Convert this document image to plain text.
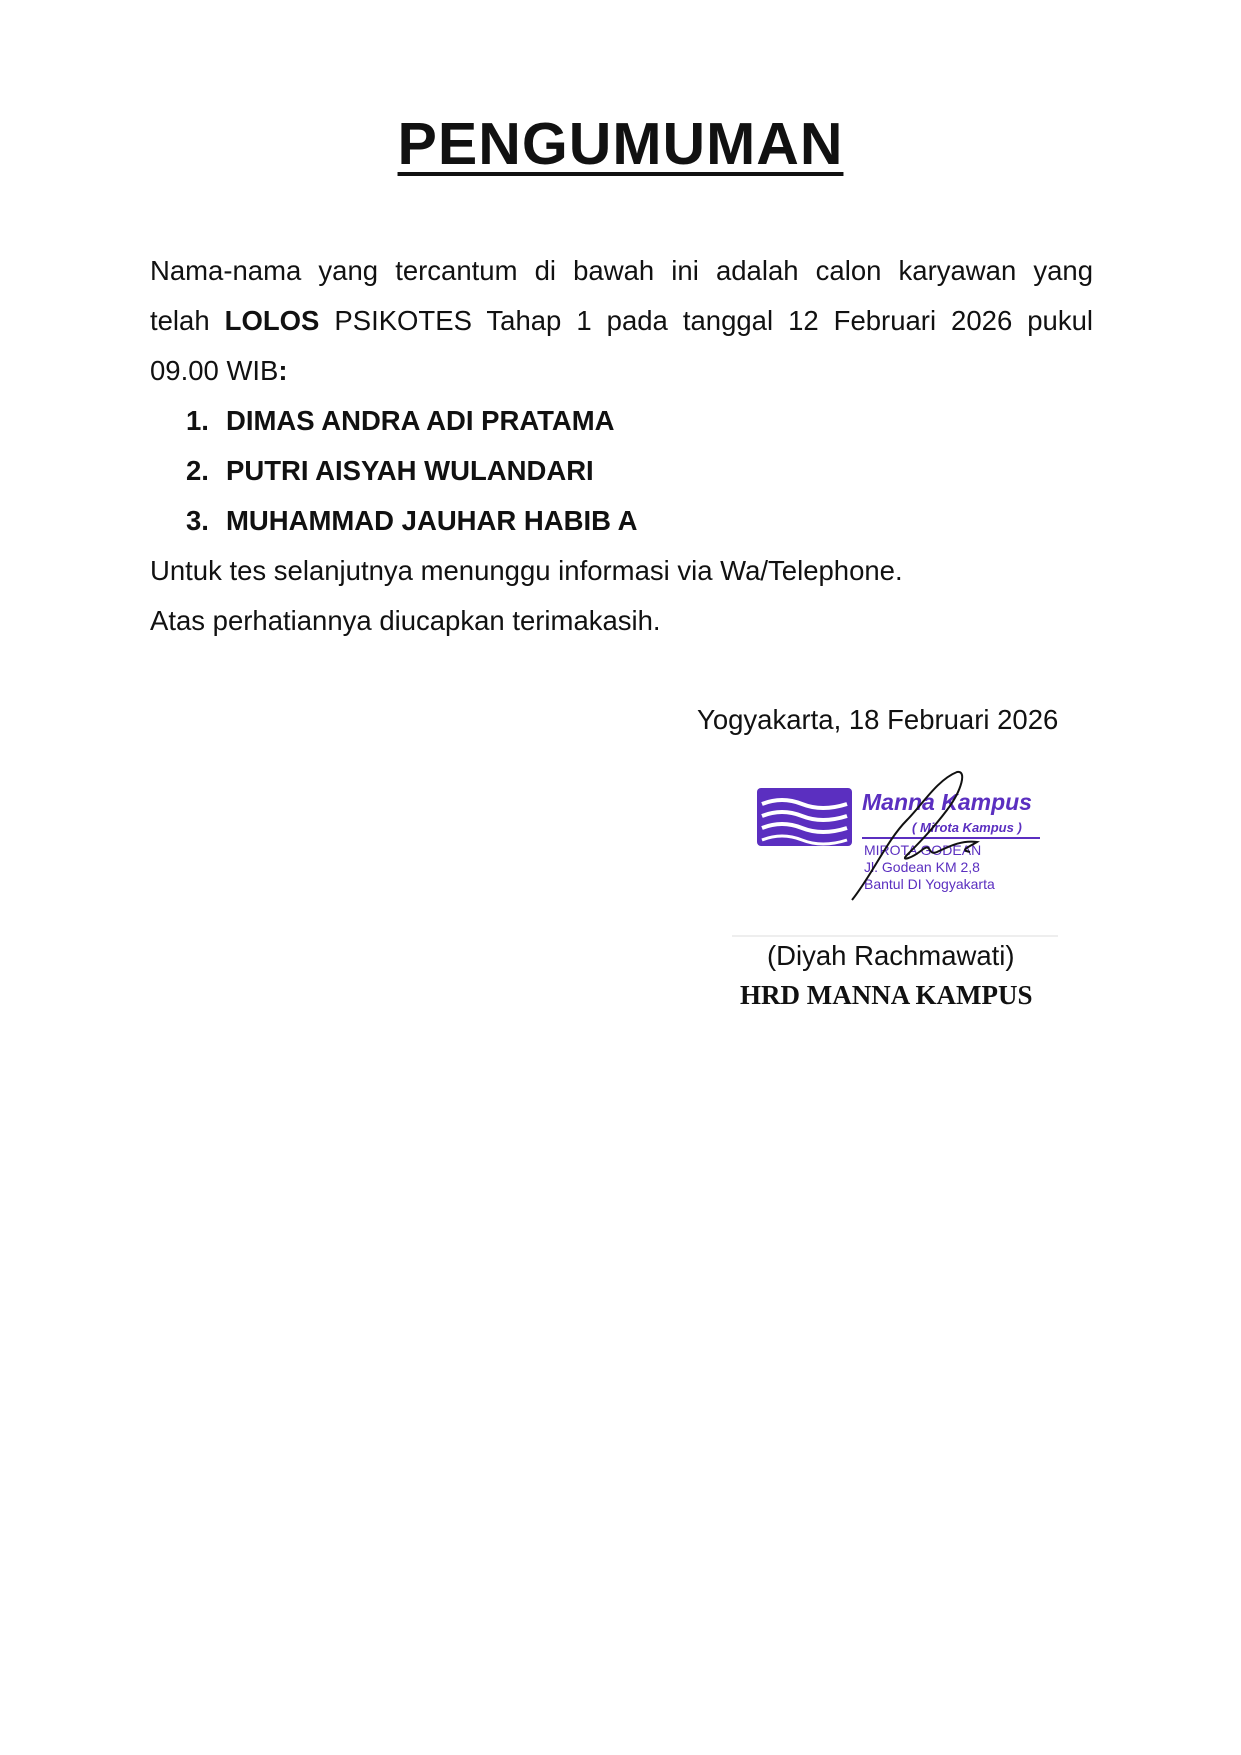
PENGUMUMAN
Nama-nama yang tercantum di bawah ini adalah calon karyawan yang
telah LOLOS PSIKOTES Tahap 1 pada tanggal 12 Februari 2026 pukul
09.00 WIB:
1. DIMAS ANDRA ADI PRATAMA
2. PUTRI AISYAH WULANDARI
3. MUHAMMAD JAUHAR HABIB A
Untuk tes selanjutnya menunggu informasi via Wa/Telephone.
Atas perhatiannya diucapkan terimakasih.
Yogyakarta, 18 Februari 2026
Manna Kampus
( Mirota Kampus )
MIROTA GODEAN
Jl. Godean KM 2,8
Bantul DI Yogyakarta
(Diyah Rachmawati)
HRD MANNA KAMPUS
